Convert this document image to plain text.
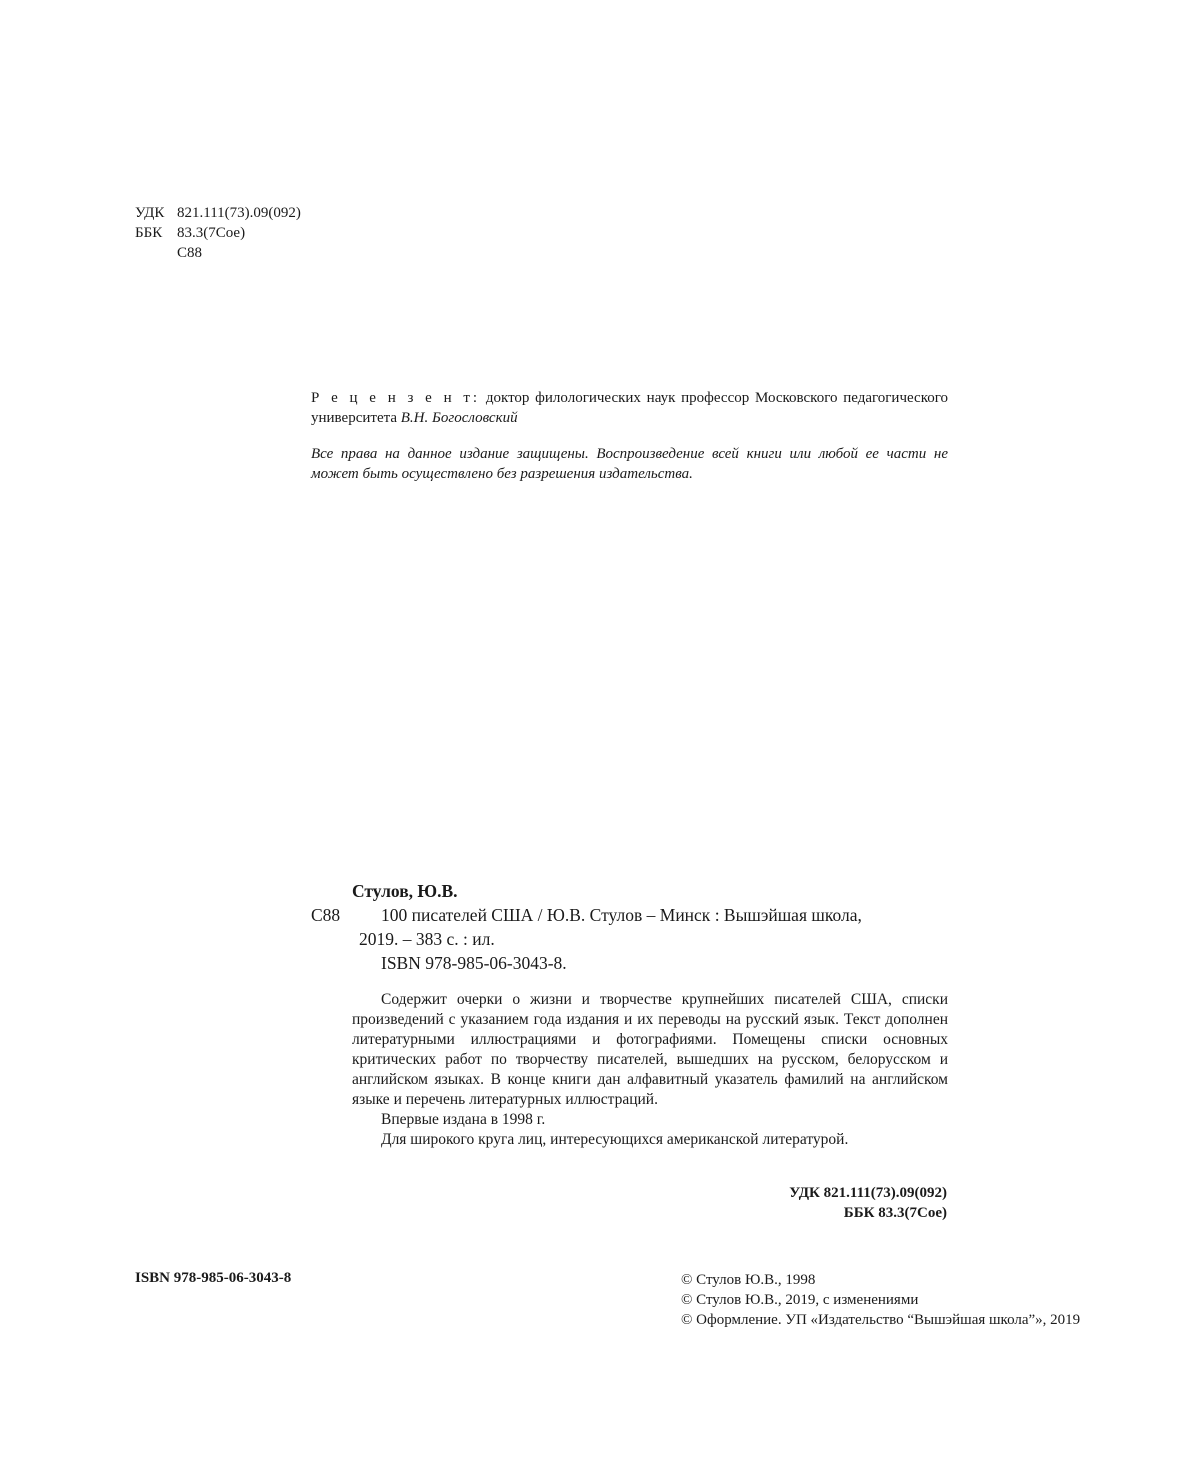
УДК 821.111(73).09(092)
ББК 83.3(7Сое)
С88
Р е ц е н з е н т: доктор филологических наук профессор Московского педагогического университета В.Н. Богословский
Все права на данное издание защищены. Воспроизведение всей книги или любой ее части не может быть осуществлено без разрешения издательства.
Стулов, Ю.В.
С88	100 писателей США / Ю.В. Стулов – Минск : Вышэйшая школа,
2019. – 383 с. : ил.
ISBN 978-985-06-3043-8.

Содержит очерки о жизни и творчестве крупнейших писателей США, списки произведений с указанием года издания и их переводы на русский язык. Текст дополнен литературными иллюстрациями и фотографиями. Помещены списки основных критических работ по творчеству писателей, вышедших на русском, белорусском и английском языках. В конце книги дан алфавитный указатель фамилий на английском языке и перечень литературных иллюстраций.

Впервые издана в 1998 г.

Для широкого круга лиц, интересующихся американской литературой.

УДК 821.111(73).09(092)
ББК 83.3(7Сое)
ISBN 978-985-06-3043-8	© Стулов Ю.В., 1998
© Стулов Ю.В., 2019, с изменениями
© Оформление. УП «Издательство “Вышэйшая школа”», 2019
